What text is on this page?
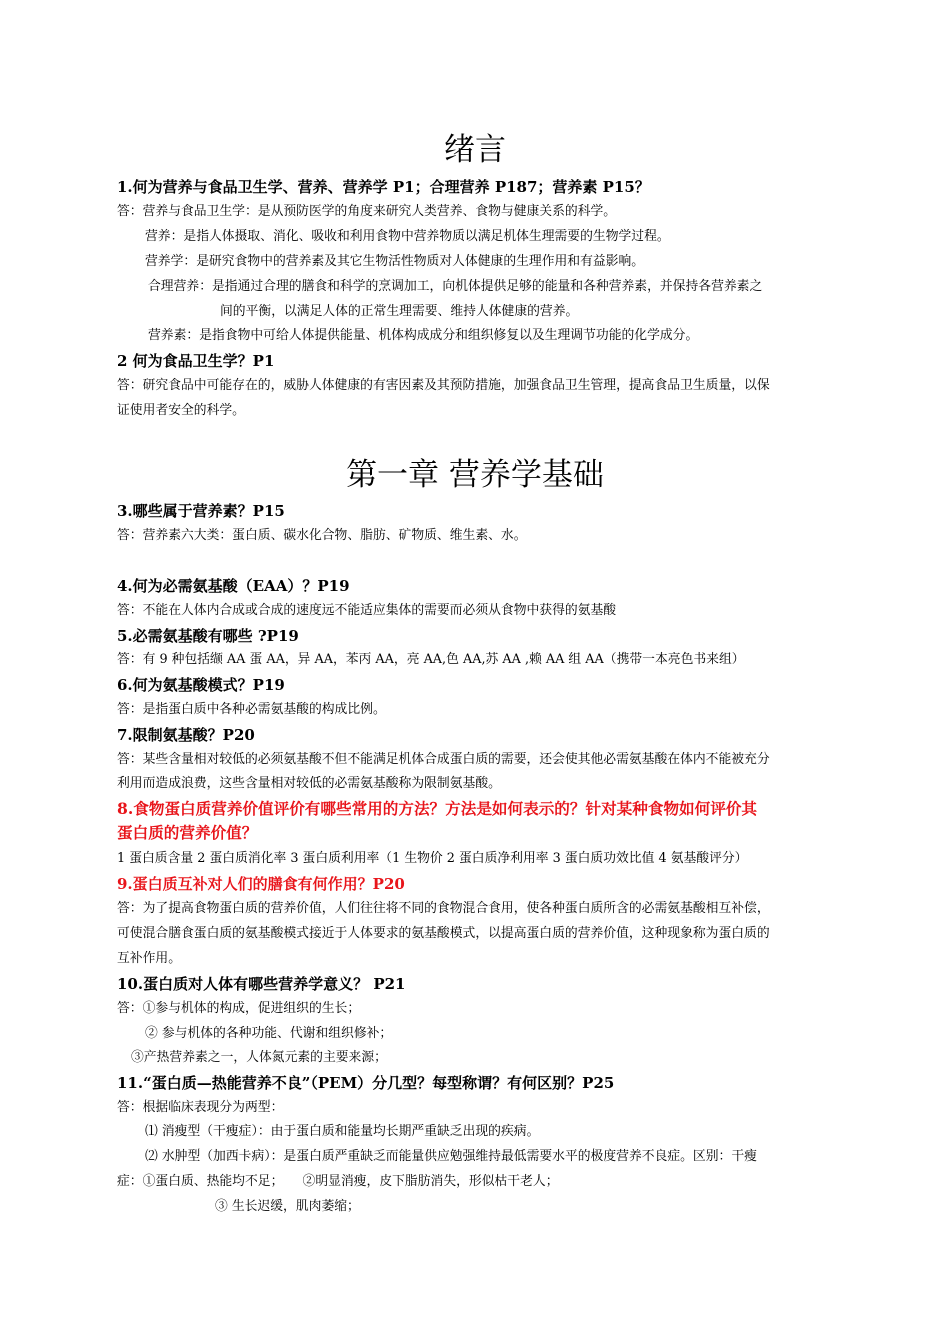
绪言
1.何为营养与食品卫生学、营养、营养学 P1；合理营养 P187；营养素 P15？
答：营养与食品卫生学：是从预防医学的角度来研究人类营养、食物与健康关系的科学。
营养：是指人体摄取、消化、吸收和利用食物中营养物质以满足机体生理需要的生物学过程。
营养学：是研究食物中的营养素及其它生物活性物质对人体健康的生理作用和有益影响。
合理营养：是指通过合理的膳食和科学的烹调加工，向机体提供足够的能量和各种营养素，并保持各营养素之
间的平衡，以满足人体的正常生理需要、维持人体健康的营养。
营养素：是指食物中可给人体提供能量、机体构成成分和组织修复以及生理调节功能的化学成分。
2 何为食品卫生学？P1
答：研究食品中可能存在的，威胁人体健康的有害因素及其预防措施，加强食品卫生管理，提高食品卫生质量，以保
证使用者安全的科学。
第一章 营养学基础
3.哪些属于营养素？P15
答：营养素六大类：蛋白质、碳水化合物、脂肪、矿物质、维生素、水。
4.何为必需氨基酸（EAA）？P19
答：不能在人体内合成或合成的速度远不能适应集体的需要而必须从食物中获得的氨基酸
5.必需氨基酸有哪些 ?P19
答：有 9 种包括缬 AA 蛋 AA，异 AA，苯丙 AA，亮 AA,色 AA,苏 AA ,赖 AA 组 AA（携带一本亮色书来组）
6.何为氨基酸模式？P19
答：是指蛋白质中各种必需氨基酸的构成比例。
7.限制氨基酸？P20
答：某些含量相对较低的必须氨基酸不但不能满足机体合成蛋白质的需要，还会使其他必需氨基酸在体内不能被充分
利用而造成浪费，这些含量相对较低的必需氨基酸称为限制氨基酸。
8.食物蛋白质营养价值评价有哪些常用的方法？方法是如何表示的？针对某种食物如何评价其
蛋白质的营养价值？
1 蛋白质含量 2 蛋白质消化率 3 蛋白质利用率（1 生物价 2 蛋白质净利用率 3 蛋白质功效比值 4 氨基酸评分）
9.蛋白质互补对人们的膳食有何作用？P20
答：为了提高食物蛋白质的营养价值，人们往往将不同的食物混合食用，使各种蛋白质所含的必需氨基酸相互补偿，
可使混合膳食蛋白质的氨基酸模式接近于人体要求的氨基酸模式，以提高蛋白质的营养价值，这种现象称为蛋白质的
互补作用。
10.蛋白质对人体有哪些营养学意义？ P21
答：①参与机体的构成，促进组织的生长；
② 参与机体的各种功能、代谢和组织修补；
③产热营养素之一，人体氮元素的主要来源；
11.“蛋白质—热能营养不良”（PEM）分几型？每型称谓？有何区别？P25
答：根据临床表现分为两型：
⑴ 消瘦型（干瘦症）：由于蛋白质和能量均长期严重缺乏出现的疾病。
⑵ 水肿型（加西卡病）：是蛋白质严重缺乏而能量供应勉强维持最低需要水平的极度营养不良症。区别：干瘦
症：①蛋白质、热能均不足；　　②明显消瘦，皮下脂肪消失，形似枯干老人；
③ 生长迟缓，肌肉萎缩；
